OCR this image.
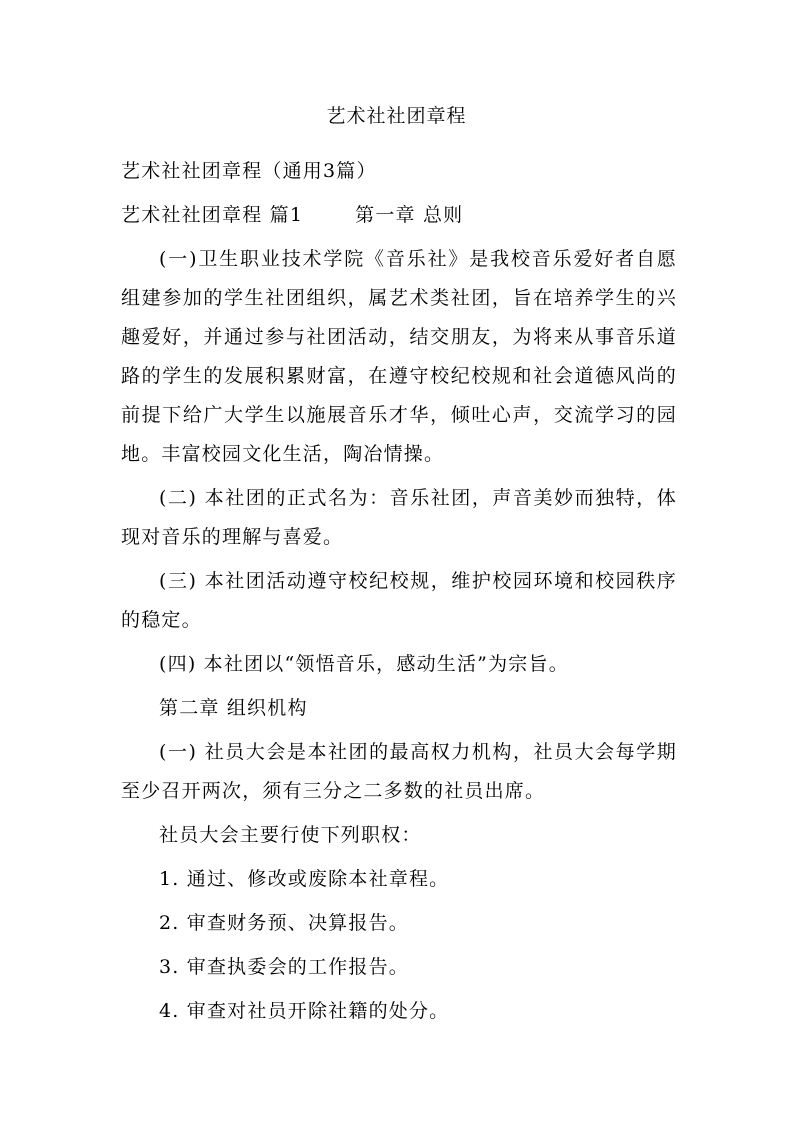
艺术社社团章程

艺术社社团章程（通用3篇）

艺术社社团章程 篇1	第一章 总则

(一)卫生职业技术学院《音乐社》是我校音乐爱好者自愿组建参加的学生社团组织，属艺术类社团，旨在培养学生的兴趣爱好，并通过参与社团活动，结交朋友，为将来从事音乐道路的学生的发展积累财富，在遵守校纪校规和社会道德风尚的前提下给广大学生以施展音乐才华，倾吐心声，交流学习的园地。丰富校园文化生活，陶冶情操。

(二) 本社团的正式名为：音乐社团，声音美妙而独特，体现对音乐的理解与喜爱。

(三) 本社团活动遵守校纪校规，维护校园环境和校园秩序的稳定。

(四) 本社团以“领悟音乐，感动生活”为宗旨。

第二章 组织机构

(一) 社员大会是本社团的最高权力机构，社员大会每学期至少召开两次，须有三分之二多数的社员出席。

社员大会主要行使下列职权：

1. 通过、修改或废除本社章程。

2. 审查财务预、决算报告。

3. 审查执委会的工作报告。

4. 审查对社员开除社籍的处分。
